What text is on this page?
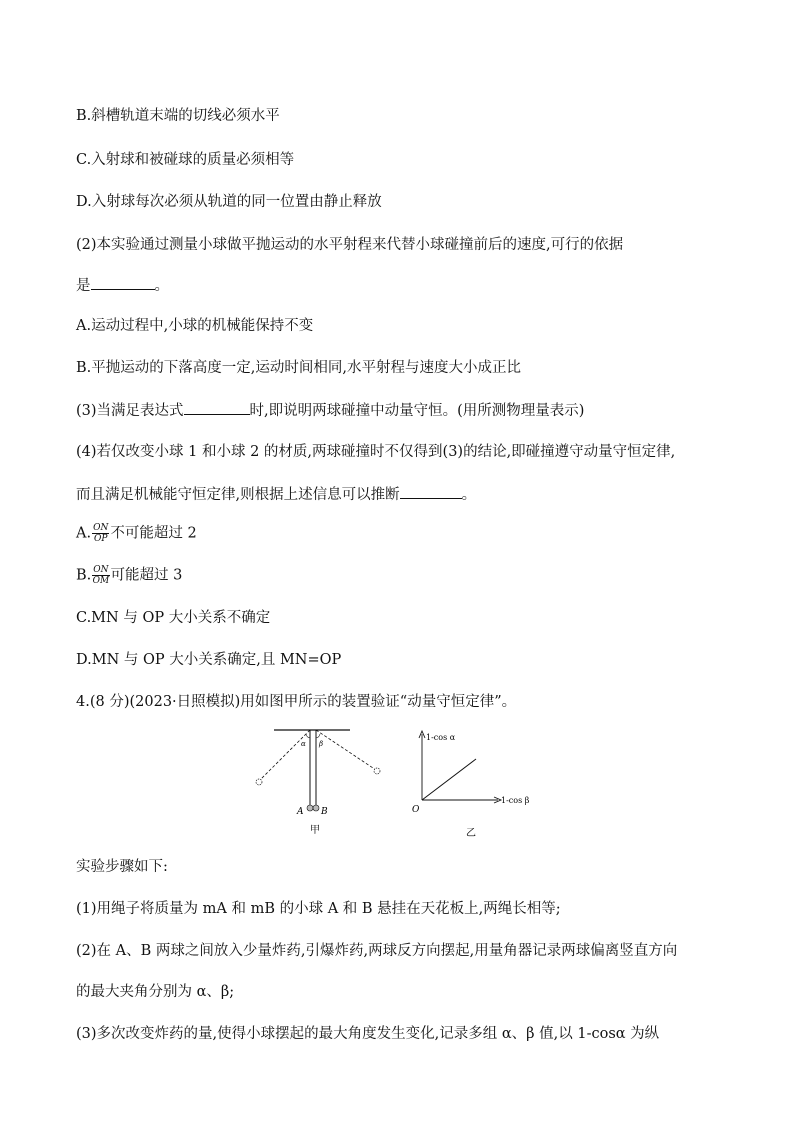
B.斜槽轨道末端的切线必须水平
C.入射球和被碰球的质量必须相等
D.入射球每次必须从轨道的同一位置由静止释放
(2)本实验通过测量小球做平抛运动的水平射程来代替小球碰撞前后的速度,可行的依据
是	。
A.运动过程中,小球的机械能保持不变
B.平抛运动的下落高度一定,运动时间相同,水平射程与速度大小成正比
(3)当满足表达式	时,即说明两球碰撞中动量守恒。(用所测物理量表示)
(4)若仅改变小球 1 和小球 2 的材质,两球碰撞时不仅得到(3)的结论,即碰撞遵守动量守恒定律,
而且满足机械能守恒定律,则根据上述信息可以推断	。
A. $\frac{ON}{OP}$ 不可能超过 2
B. $\frac{ON}{OM}$ 可能超过 3
C.MN 与 OP 大小关系不确定
D.MN 与 OP 大小关系确定,且 MN=OP
4.(8 分)(2023·日照模拟)用如图甲所示的装置验证“动量守恒定律”。
α β
A B
甲
1-cos α
1-cos β
O
乙
实验步骤如下:
(1)用绳子将质量为 mA 和 mB 的小球 A 和 B 悬挂在天花板上,两绳长相等;
(2)在 A、B 两球之间放入少量炸药,引爆炸药,两球反方向摆起,用量角器记录两球偏离竖直方向
的最大夹角分别为 α、β;
(3)多次改变炸药的量,使得小球摆起的最大角度发生变化,记录多组 α、β 值,以 1-cosα 为纵
